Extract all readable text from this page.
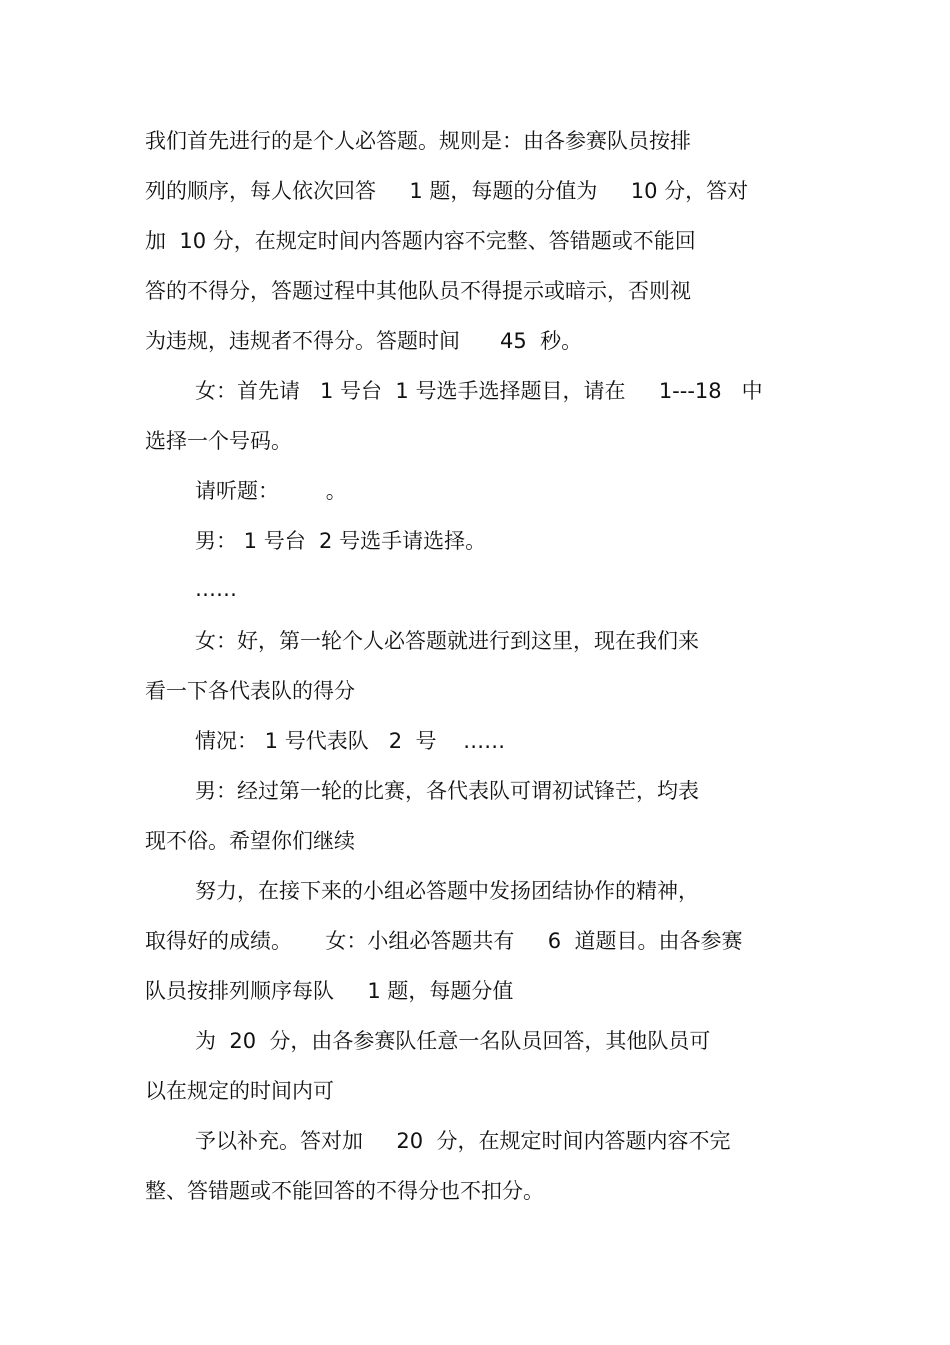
我们首先进行的是个人必答题。规则是：由各参赛队员按排
列的顺序，每人依次回答     1 题，每题的分值为     10 分，答对
加  10 分，在规定时间内答题内容不完整、答错题或不能回
答的不得分，答题过程中其他队员不得提示或暗示，否则视
为违规，违规者不得分。答题时间      45  秒。
女：首先请   1 号台  1 号选手选择题目，请在     1---18   中
选择一个号码。
请听题：       。
男： 1 号台  2 号选手请选择。
……
女：好，第一轮个人必答题就进行到这里，现在我们来
看一下各代表队的得分
情况： 1 号代表队   2  号    ……
男：经过第一轮的比赛，各代表队可谓初试锋芒，均表
现不俗。希望你们继续
努力，在接下来的小组必答题中发扬团结协作的精神，
取得好的成绩。     女：小组必答题共有     6  道题目。由各参赛
队员按排列顺序每队     1 题，每题分值
为  20  分，由各参赛队任意一名队员回答，其他队员可
以在规定的时间内可
予以补充。答对加     20  分，在规定时间内答题内容不完
整、答错题或不能回答的不得分也不扣分。
